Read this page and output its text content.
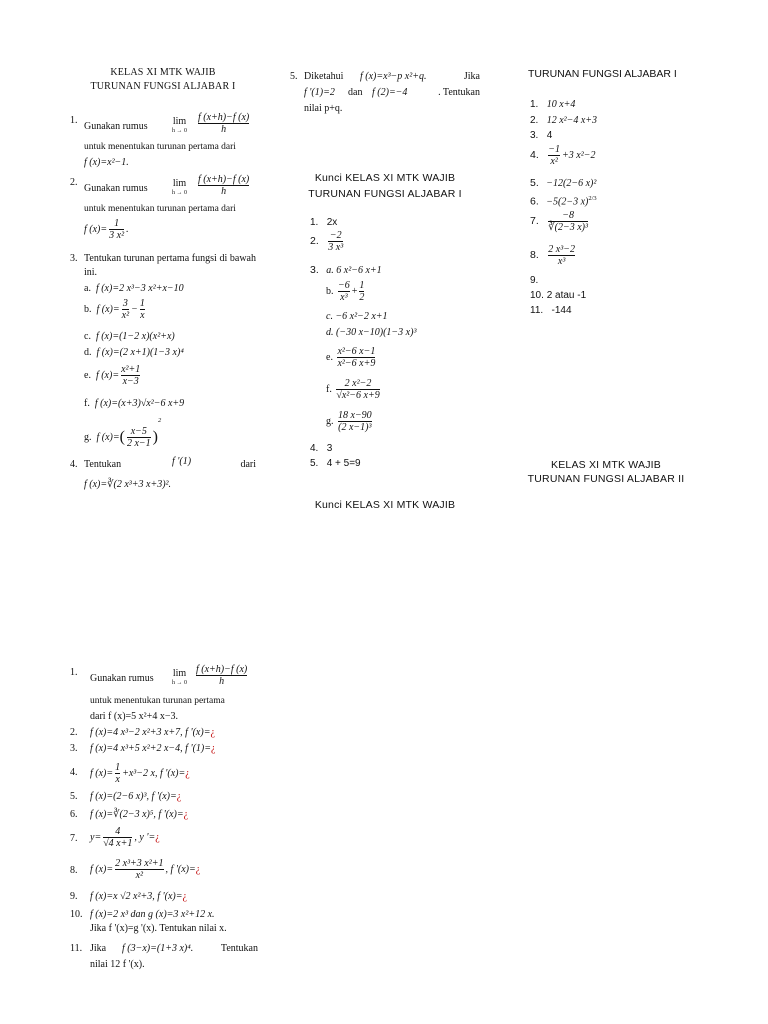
KELAS XI MTK WAJIB
TURUNAN FUNGSI ALJABAR I
1.
Gunakan rumus	lim
$h \to 0 \frac{f (x+h)-f (x)}{h}$
untuk menentukan turunan pertama dari
f (x)=x²−1.
2.
Gunakan rumus	lim
$h \to 0 \frac{f (x+h)-f (x)}{h}$
untuk menentukan turunan pertama dari
f $(x)= \frac{1}{\text{3 x²}}$ .
3. Tentukan turunan pertama fungsi di bawah ini.
a. f (x)=2 x³−3 x²+x−10
b. f $(x)= \frac{3}{\text{x²}} - \frac{1}{x}$
c. f (x)=(1−2 x)(x²+x)
d. f (x)=(2 x+1)(1−3 x)⁴
e. f $(x)= \frac{\text{x²+1}}{x-3}$
f. f (x)=(x+3)√x²−6 x+9
g. f $(x)=( \frac{x-5}{2 x-1} )^2$
4. Tentukan	f '(1)	dari
f (x)=∛(2 x³+3 x+3)².
5. Diketahui f (x)=x³−p x²+q.	Jika
f '(1)=2 dan f (2)=−4	. Tentukan
nilai p+q.
Kunci KELAS XI MTK WAJIB
TURUNAN FUNGSI ALJABAR I
1. 2x
2. $\frac{-2}{\text{3 x³}}$
3. a. 6 x²−6 x+1
b. $\frac{-6}{\text{x³}} + \frac{1}{2}$
c. −6 x²−2 x+1
d. (−30 x−10)(1−3 x)³
e. $\frac{\text{x²−6 x−1}}{\text{x²−6 x+9}}$
f. $\frac{\text{2 x²−2}}{\text{√x²−6 x+9}}$
g. $\frac{18 x-90}{\text{(2 x−1)³}}$
4. 3
5. 4 + 5=9
Kunci KELAS XI MTK WAJIB
TURUNAN FUNGSI ALJABAR I
1. 10 x+4
2. 12 x²−4 x+3
3. 4
4. $\frac{-1}{\text{x²}} +3$ x²−2
5. −12(2−6 x)²
6. −5(2−3 x)$^{2/3}$
7. $\frac{-8}{\text{∛(2−3 x)³}}$
8. $\frac{\text{2 x³−2}}{\text{x³}}$
9.
10. 2 atau -1
11. -144
KELAS XI MTK WAJIB
TURUNAN FUNGSI ALJABAR II
1.
Gunakan rumus lim
$h \to 0 \frac{f (x+h)-f (x)}{h}$
untuk menentukan turunan pertama
dari f (x)=5 x²+4 x−3.
2. f (x)=4 x³−2 x²+3 x+7, f '(x)=¿
3. f (x)=4 x³+5 x²+2 x−4, f '(1)=¿
4. f $(x)= \frac{1}{x} +x^3-2$ x, f '(x)=¿
5. f (x)=(2−6 x)³, f '(x)=¿
6. f (x)=∛(2−3 x)⁵, f '(x)=¿
7. $y= \frac{4}{√4 x+1}$ , y '=¿
8. f $(x)= \frac{\text{2 x³+3 x²+1}}{\text{x²}}$ , f '(x)=¿
9. f (x)=x √2 x²+3, f '(x)=¿
10. f (x)=2 x³ dan g (x)=3 x²+12 x.
Jika f '(x)=g '(x). Tentukan nilai x.
11. Jika f (3−x)=(1+3 x)⁴.	Tentukan
nilai 12 f '(x).
